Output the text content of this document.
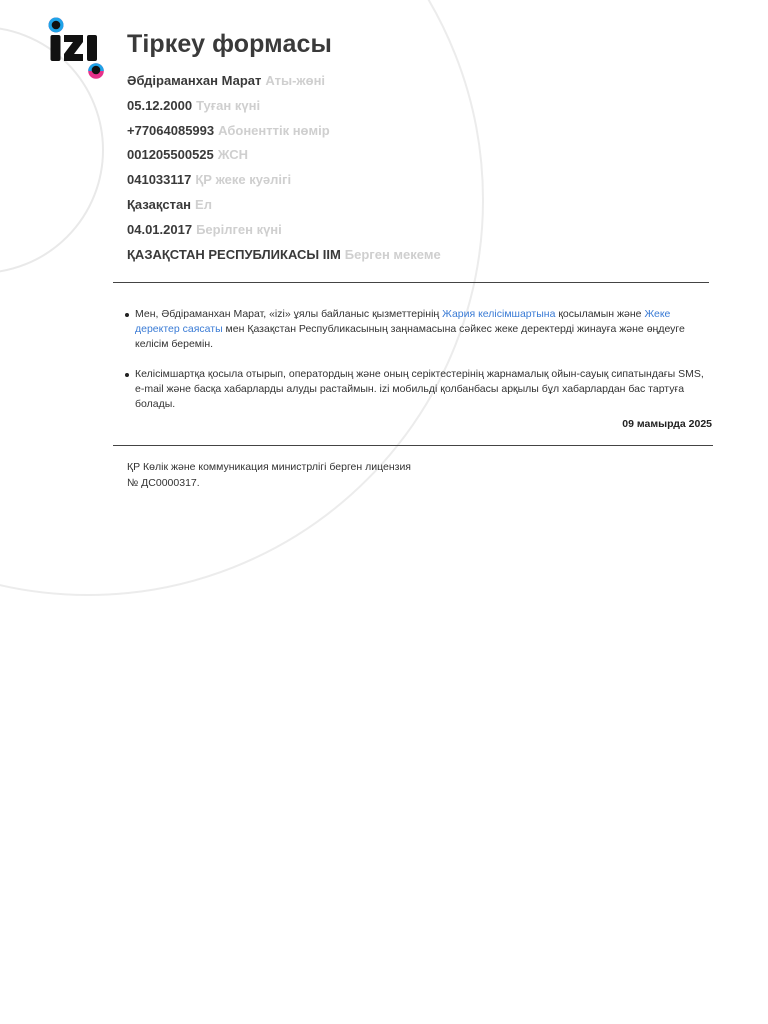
Тіркеу формасы
Әбдіраманхан Марат Аты-жөні
05.12.2000 Туған күні
+77064085993 Абоненттік нөмір
001205500525 ЖСН
041033117 ҚР жеке куәлігі
Қазақстан Ел
04.01.2017 Берілген күні
ҚАЗАҚСТАН РЕСПУБЛИКАСЫ ІІМ Берген мекеме
Мен, Әбдіраманхан Марат, «izi» ұялы байланыс қызметтерінің Жария келісімшартына қосыламын және Жеке деректер саясаты мен Қазақстан Республикасының заңнамасына сәйкес жеке деректерді жинауға және өңдеуге келісім беремін.
Келісімшартқа қосыла отырып, оператордың және оның серіктестерінің жарнамалық ойын-сауық сипатындағы SMS, e-mail және басқа хабарларды алуды растаймын. izi мобильді қолбанбасы арқылы бұл хабарлардан бас тартуға болады.
09 мамырда 2025
ҚР Көлік және коммуникация министрлігі берген лицензия
№ ДС0000317.
